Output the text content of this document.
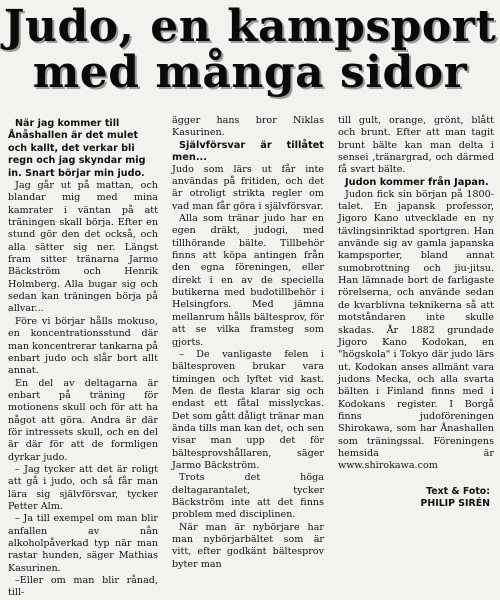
Judo, en kampsport
med många sidor

När jag kommer till Ånåshallen är det mulet och kallt, det verkar bli regn och jag skyndar mig in. Snart börjar min judo.

Jag går ut på mattan, och blandar mig med mina kamrater i väntan på att träningen skall börja. Efter en stund gör den det också, och alla sätter sig ner. Längst fram sitter tränarna Jarmo Bäckström och Henrik Holmberg. Alla bugar sig och sedan kan träningen börja på allvar...

Före vi börjar hålls mokuso, en koncentrationsstund där man koncentrerar tankarna på enbart judo och slår bort allt annat.

En del av deltagarna är enbart på träning för motionens skull och för att ha något att göra. Andra är där för intressets skull, och en del är där för att de formligen dyrkar judo.

– Jag tycker att det är roligt att gå i judo, och så får man lära sig självförsvar, tycker Petter Alm.

– Ja till exempel om man blir anfallen av nån alkoholpåverkad typ när man rastar hunden, säger Mathias Kasurinen.

–Eller om man blir rånad, till-

ägger hans bror Niklas Kasurinen.

Självförsvar är tillåtet men...

Judo som lärs ut får inte användas på fritiden, och det är otroligt strikta regler om vad man får göra i självförsvar.

Alla som tränar judo har en egen dräkt, judogi, med tillhörande bälte. Tillbehör finns att köpa antingen från den egna föreningen, eller direkt i en av de speciella butikerna med budotillbehör i Helsingfors. Med jämna mellanrum hålls bältesprov, för att se vilka framsteg som gjorts.

– De vanligaste felen i bältesproven brukar vara timingen och lyftet vid kast. Men de flesta klarar sig och endast ett fåtal misslyckas. Det som gått dåligt tränar man ända tills man kan det, och sen visar man upp det för bältesprovshållaren, säger Jarmo Bäckström.

Trots det höga deltagarantalet, tycker Bäckström inte att det finns problem med disciplinen.

När man är nybörjare har man nybörjarbältet som är vitt, efter godkänt bältesprov byter man

till gult, orange, grönt, blått och brunt. Efter att man tagit brunt bälte kan man delta i sensei ,tränargrad, och därmed få svart bälte.

Judon kommer från Japan.

Judon fick sin början på 1800-talet. En japansk professor, Jigoro Kano utvecklade en ny tävlingsinriktad sportgren. Han använde sig av gamla japanska kampsporter, bland annat sumobrottning och jiu-jitsu. Han lämnade bort de farligaste rörelserna, och använde sedan de kvarblivna teknikerna så att motståndaren inte skulle skadas. År 1882 grundade Jigoro Kano Kodokan, en "högskola" i Tokyo där judo lärs ut. Kodokan anses allmänt vara judons Mecka, och alla svarta bälten i Finland finns med i Kodokans register. I Borgå finns judoföreningen Shirokawa, som har Ånashallen som träningssal. Föreningens hemsida är www.shirokawa.com

Text & Foto:
PHILIP SIRÉN
